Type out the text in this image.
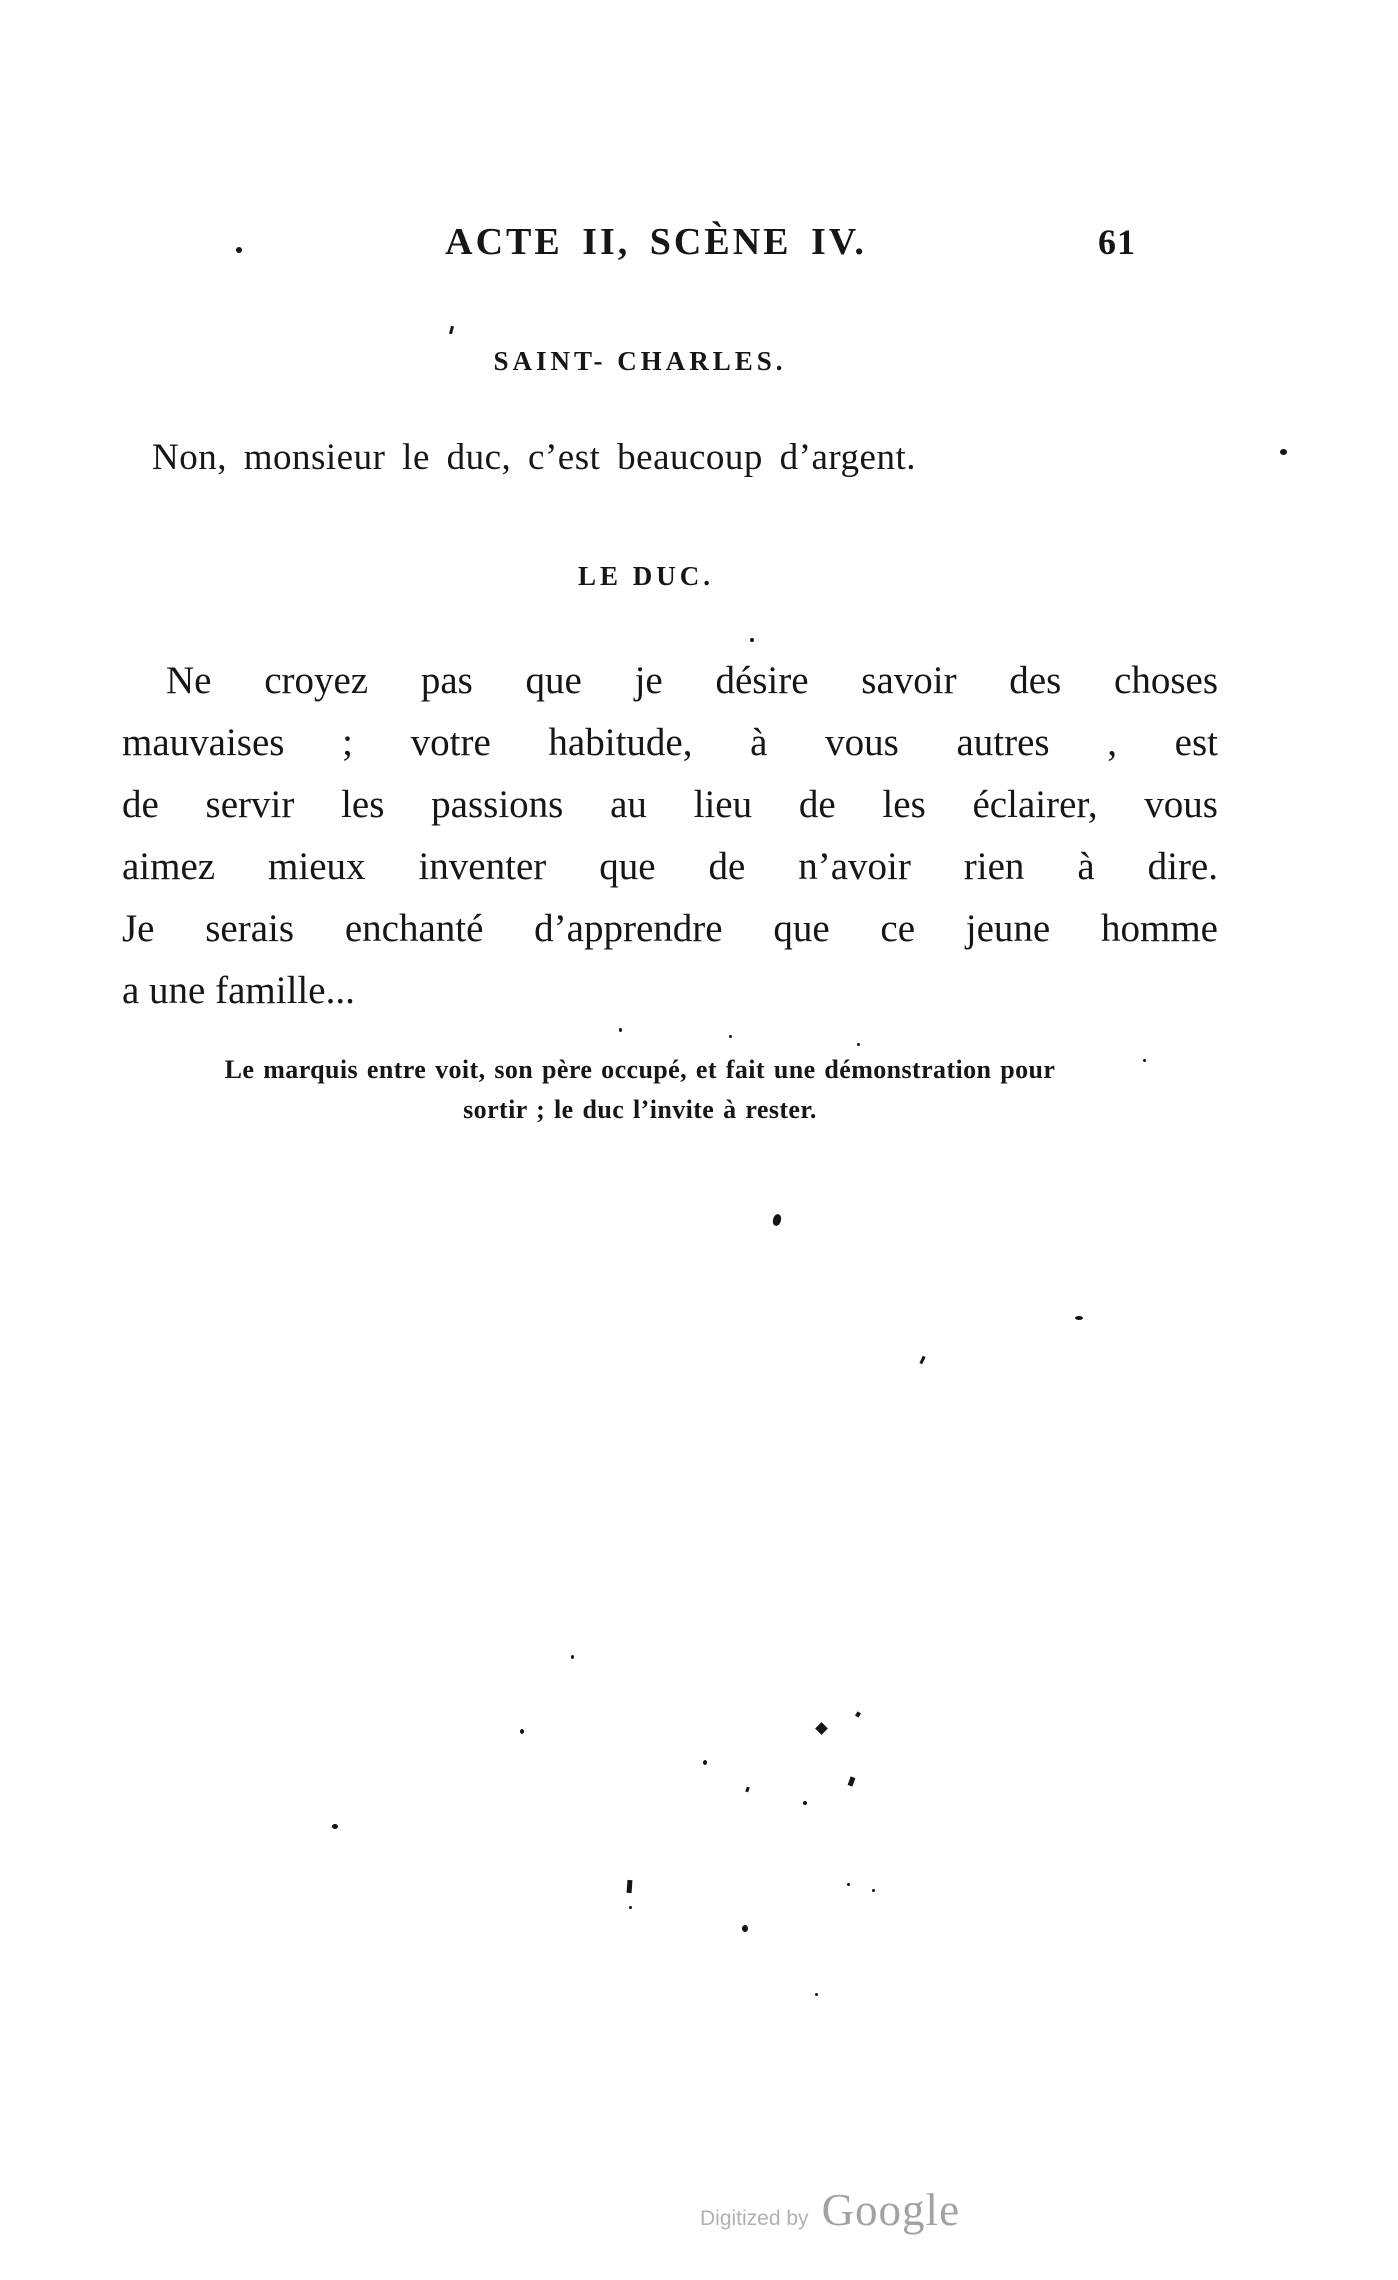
ACTE II, SCÈNE IV.	61
SAINT- CHARLES.
Non, monsieur le duc, c’est beaucoup d’argent.
LE DUC.
Ne croyez pas que je désire savoir des choses
mauvaises ; votre habitude, à vous autres , est
de servir les passions au lieu de les éclairer, vous
aimez mieux inventer que de n’avoir rien à dire.
Je serais enchanté d’apprendre que ce jeune homme
a une famille...
Le marquis entre voit, son père occupé, et fait une démonstration pour
sortir ; le duc l’invite à rester.
Digitized by Google
